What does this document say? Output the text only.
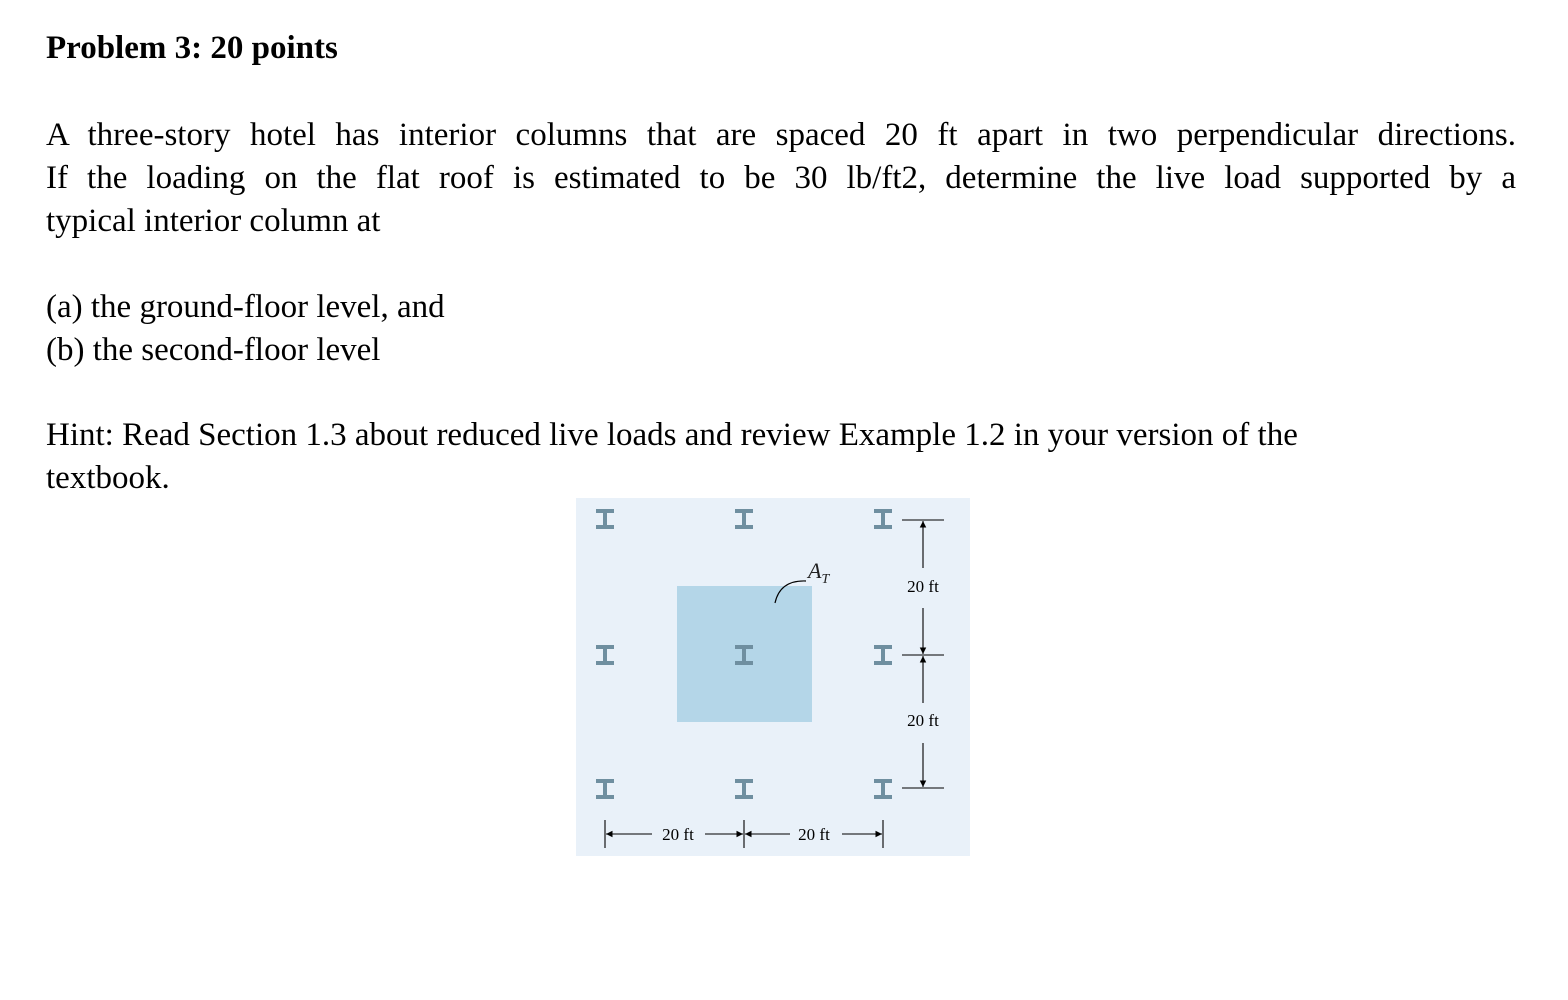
Problem 3: 20 points

A three-story hotel has interior columns that are spaced 20 ft apart in two perpendicular directions.
If the loading on the flat roof is estimated to be 30 lb/ft2, determine the live load supported by a
typical interior column at

(a) the ground-floor level, and
(b) the second-floor level

Hint: Read Section 1.3 about reduced live loads and review Example 1.2 in your version of the
textbook.

$A_T$
20 ft	20 ft
20 ft
20 ft
